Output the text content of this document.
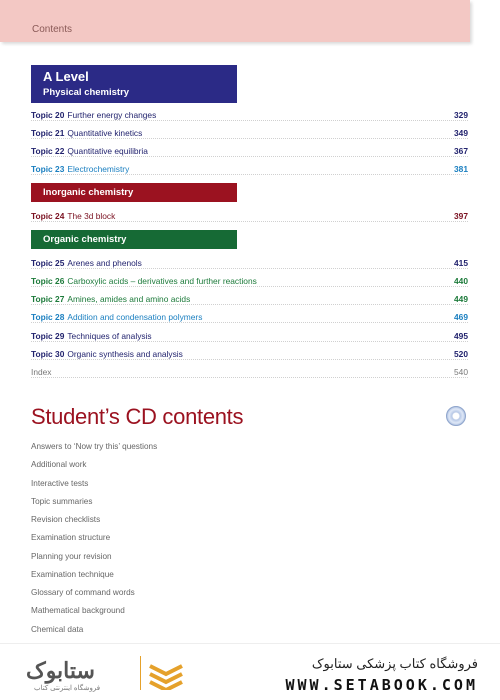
Contents
A Level
Physical chemistry
Topic 20 Further energy changes	329
Topic 21 Quantitative kinetics	349
Topic 22 Quantitative equilibria	367
Topic 23 Electrochemistry	381
Inorganic chemistry
Topic 24 The 3d block	397
Organic chemistry
Topic 25 Arenes and phenols	415
Topic 26 Carboxylic acids – derivatives and further reactions	440
Topic 27 Amines, amides and amino acids	449
Topic 28 Addition and condensation polymers	469
Topic 29 Techniques of analysis	495
Topic 30 Organic synthesis and analysis	520
Index	540
Student’s CD contents
Answers to ‘Now try this’ questions
Additional work
Interactive tests
Topic summaries
Revision checklists
Examination structure
Planning your revision
Examination technique
Glossary of command words
Mathematical background
Chemical data
ستابوک
فروشگاه اینترنتی کتاب
فروشگاه کتاب پزشکی ستابوک
WWW.SETABOOK.COM
